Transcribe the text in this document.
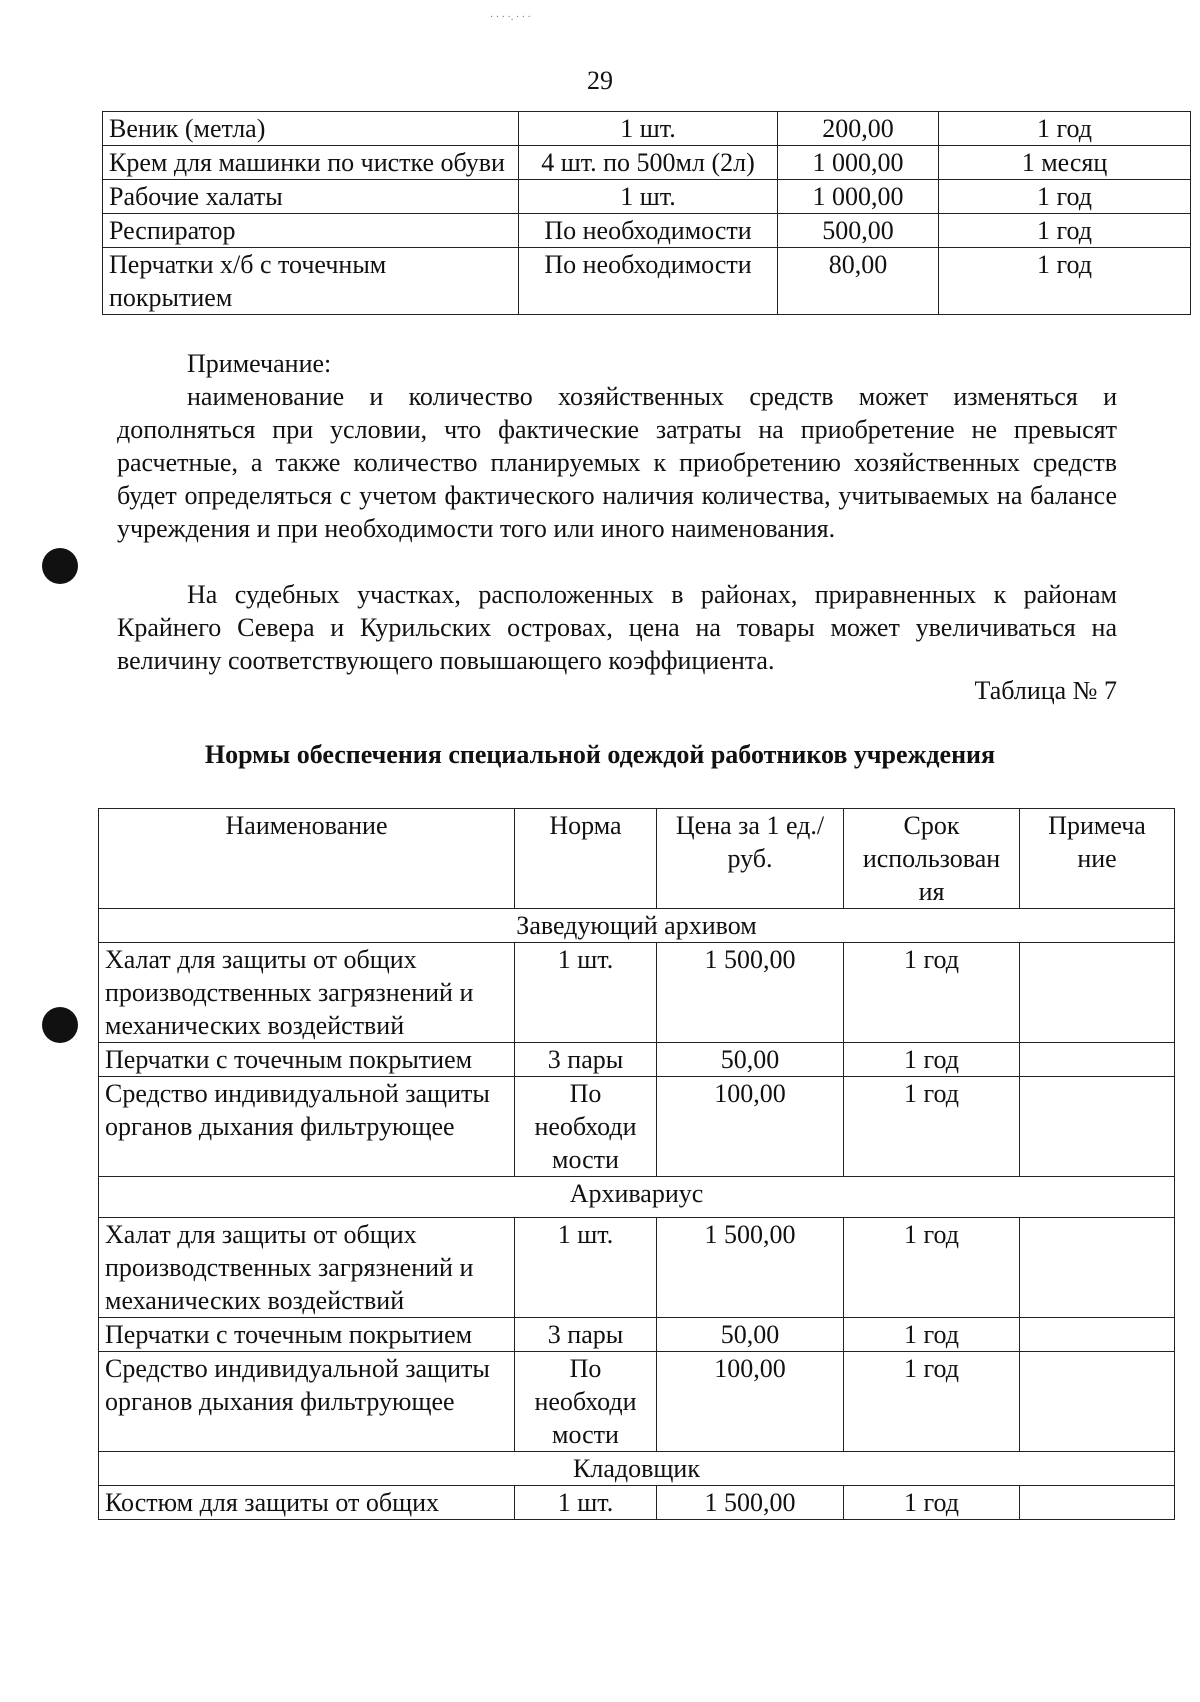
· · · ·. · · ·
29
Веник (метла)	1 шт.	200,00	1 год
Крем для машинки по чистке обуви	4 шт. по 500мл (2л)	1 000,00	1 месяц
Рабочие халаты	1 шт.	1 000,00	1 год
Респиратор	По необходимости	500,00	1 год
Перчатки х/б с точечным покрытием	По необходимости	80,00	1 год
Примечание:
наименование и количество хозяйственных средств может изменяться и дополняться при условии, что фактические затраты на приобретение не превысят расчетные, а также количество планируемых к приобретению хозяйственных средств будет определяться с учетом фактического наличия количества, учитываемых на балансе учреждения и при необходимости того или иного наименования.
На судебных участках, расположенных в районах, приравненных к районам Крайнего Севера и Курильских островах, цена на товары может увеличиваться на величину соответствующего повышающего коэффициента.
Таблица № 7
Нормы обеспечения специальной одеждой работников учреждения
Наименование	Норма	Цена за 1 ед./руб.	Срок использован ия	Примеча ние
Заведующий архивом				
Халат для защиты от общих производственных загрязнений и механических воздействий	1 шт.	1 500,00	1 год	
Перчатки с точечным покрытием	3 пары	50,00	1 год	
Средство индивидуальной защиты органов дыхания фильтрующее	По необходи мости	100,00	1 год	
Архивариус				
Халат для защиты от общих производственных загрязнений и механических воздействий	1 шт.	1 500,00	1 год	
Перчатки с точечным покрытием	3 пары	50,00	1 год	
Средство индивидуальной защиты органов дыхания фильтрующее	По необходи мости	100,00	1 год	
Кладовщик				
Костюм для защиты от общих	1 шт.	1 500,00	1 год	
